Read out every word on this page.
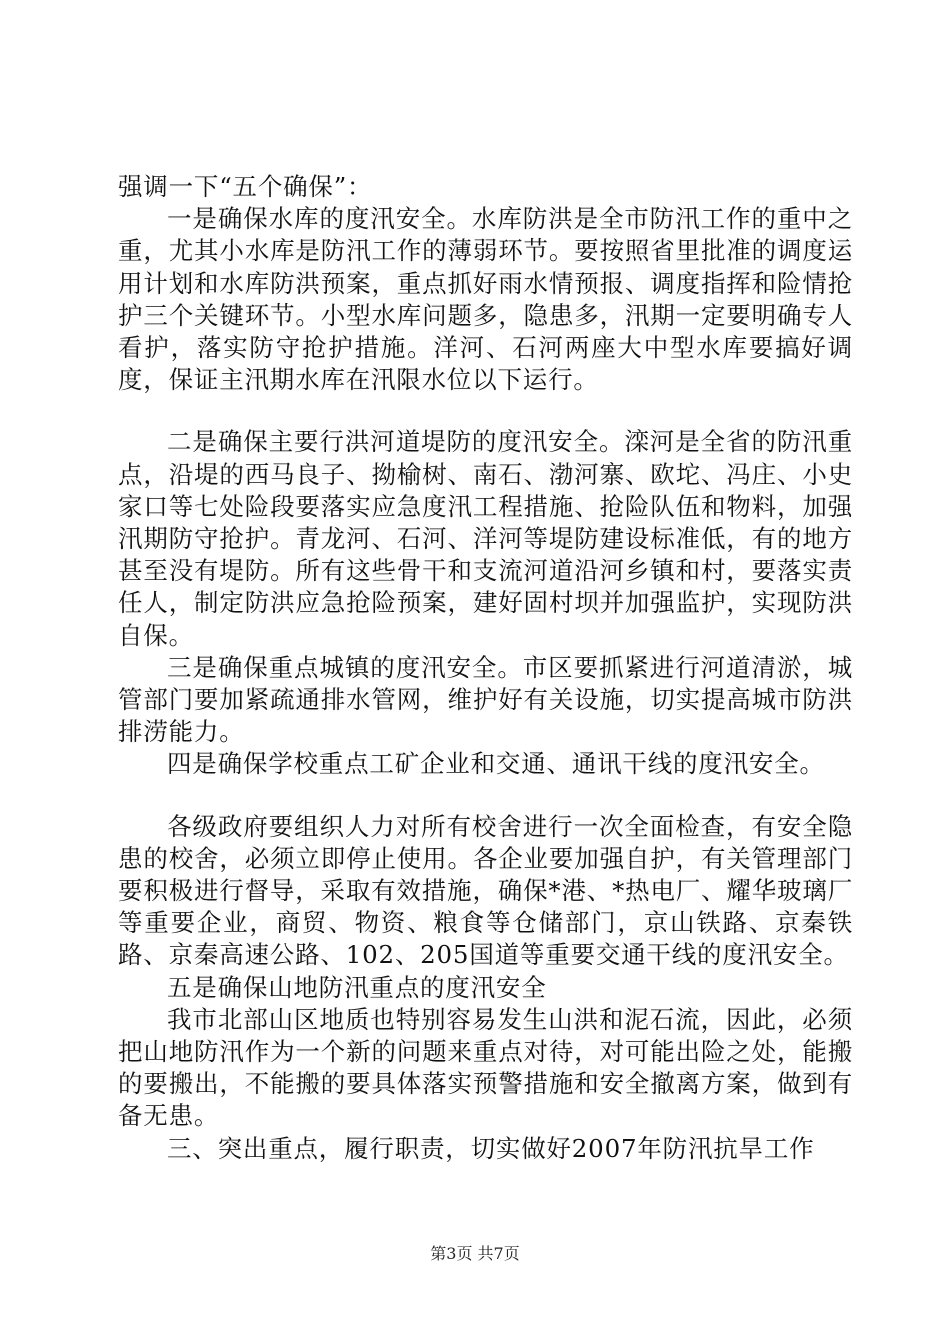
强调一下“五个确保”：

一是确保水库的度汛安全。水库防洪是全市防汛工作的重中之重，尤其小水库是防汛工作的薄弱环节。要按照省里批准的调度运用计划和水库防洪预案，重点抓好雨水情预报、调度指挥和险情抢护三个关键环节。小型水库问题多，隐患多，汛期一定要明确专人看护，落实防守抢护措施。洋河、石河两座大中型水库要搞好调度，保证主汛期水库在汛限水位以下运行。

二是确保主要行洪河道堤防的度汛安全。滦河是全省的防汛重点，沿堤的西马良子、拗榆树、南石、渤河寨、欧坨、冯庄、小史家口等七处险段要落实应急度汛工程措施、抢险队伍和物料，加强汛期防守抢护。青龙河、石河、洋河等堤防建设标准低，有的地方甚至没有堤防。所有这些骨干和支流河道沿河乡镇和村，要落实责任人，制定防洪应急抢险预案，建好固村坝并加强监护，实现防洪自保。

三是确保重点城镇的度汛安全。市区要抓紧进行河道清淤，城管部门要加紧疏通排水管网，维护好有关设施，切实提高城市防洪排涝能力。

四是确保学校重点工矿企业和交通、通讯干线的度汛安全。

各级政府要组织人力对所有校舍进行一次全面检查，有安全隐患的校舍，必须立即停止使用。各企业要加强自护，有关管理部门要积极进行督导，采取有效措施，确保*港、*热电厂、耀华玻璃厂等重要企业，商贸、物资、粮食等仓储部门，京山铁路、京秦铁路、京秦高速公路、102、205国道等重要交通干线的度汛安全。

五是确保山地防汛重点的度汛安全

我市北部山区地质也特别容易发生山洪和泥石流，因此，必须把山地防汛作为一个新的问题来重点对待，对可能出险之处，能搬的要搬出，不能搬的要具体落实预警措施和安全撤离方案，做到有备无患。

三、突出重点，履行职责，切实做好2007年防汛抗旱工作

第3页 共7页
